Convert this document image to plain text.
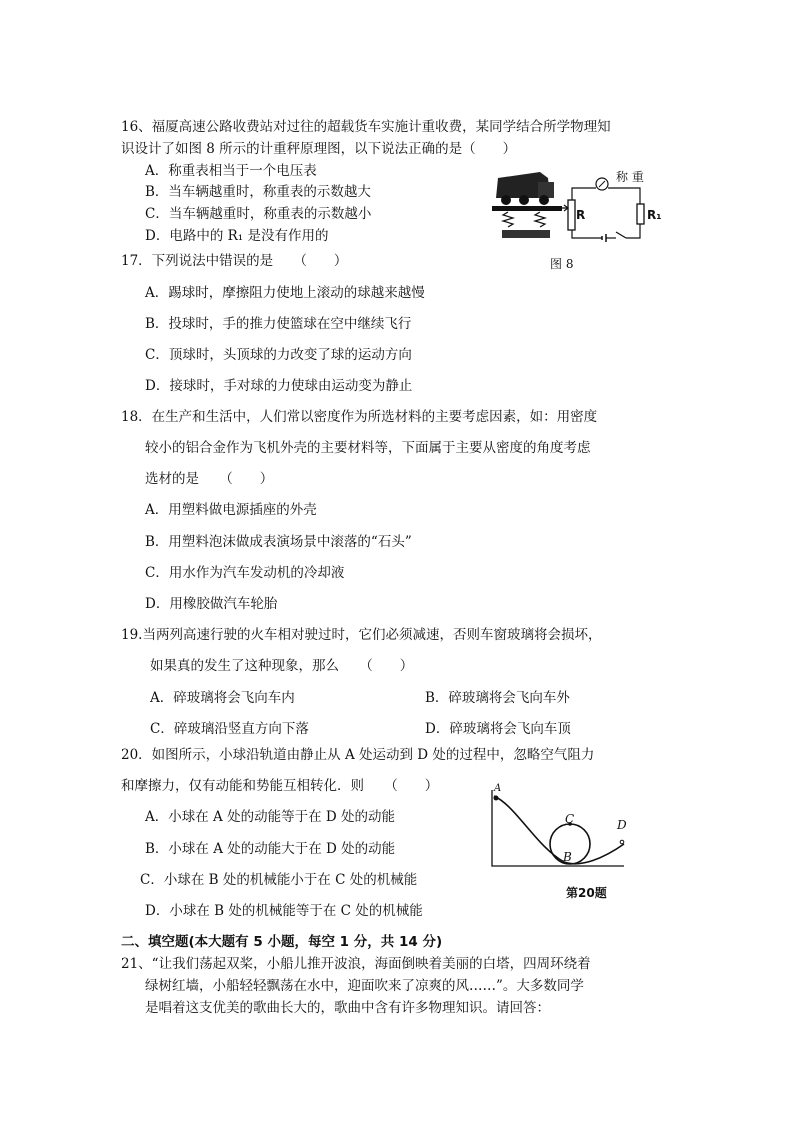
16、福厦高速公路收费站对过往的超载货车实施计重收费，某同学结合所学物理知
识设计了如图 8 所示的计重秤原理图，以下说法正确的是（　　）
A．称重表相当于一个电压表
B．当车辆越重时，称重表的示数越大
C．当车辆越重时，称重表的示数越小
D．电路中的 R₁ 是没有作用的
称 重
R	R₁
图 8
17．下列说法中错误的是　　（　　）
A．踢球时，摩擦阻力使地上滚动的球越来越慢
B．投球时，手的推力使篮球在空中继续飞行
C．顶球时，头顶球的力改变了球的运动方向
D．接球时，手对球的力使球由运动变为静止
18．在生产和生活中，人们常以密度作为所选材料的主要考虑因素，如：用密度
较小的铝合金作为飞机外壳的主要材料等，下面属于主要从密度的角度考虑
选材的是　　（　　）
A．用塑料做电源插座的外壳
B．用塑料泡沫做成表演场景中滚落的“石头”
C．用水作为汽车发动机的冷却液
D．用橡胶做汽车轮胎
19.当两列高速行驶的火车相对驶过时，它们必须减速，否则车窗玻璃将会损坏，
如果真的发生了这种现象，那么　　（　　）
A．碎玻璃将会飞向车内	B．碎玻璃将会飞向车外
C．碎玻璃沿竖直方向下落	D．碎玻璃将会飞向车顶
20．如图所示，小球沿轨道由静止从 A 处运动到 D 处的过程中，忽略空气阻力
和摩擦力，仅有动能和势能互相转化．则　　（　　）
A．小球在 A 处的动能等于在 D 处的动能
B．小球在 A 处的动能大于在 D 处的动能
C．小球在 B 处的机械能小于在 C 处的机械能
D．小球在 B 处的机械能等于在 C 处的机械能
A
C
B
D
第20题
二、填空题(本大题有 5 小题，每空 1 分，共 14 分)
21、“让我们荡起双桨，小船儿推开波浪，海面倒映着美丽的白塔，四周环绕着
绿树红墙，小船轻轻飘荡在水中，迎面吹来了凉爽的风……”。大多数同学
是唱着这支优美的歌曲长大的，歌曲中含有许多物理知识。请回答：
